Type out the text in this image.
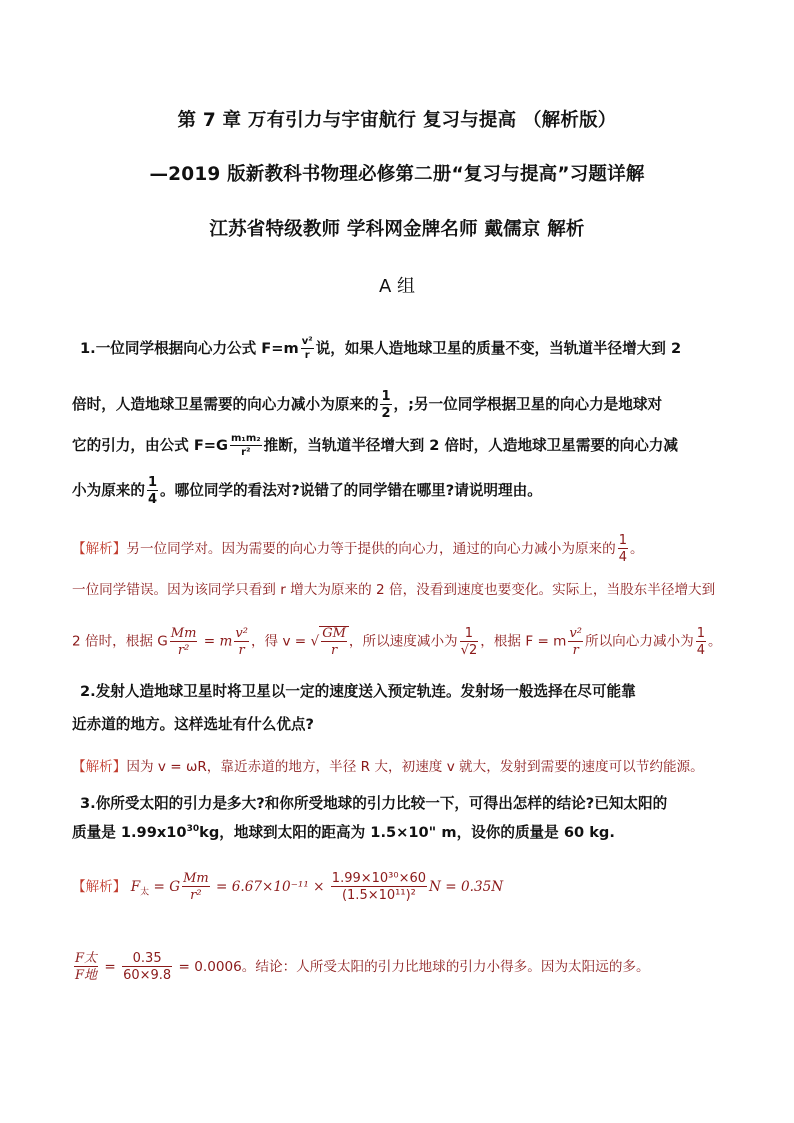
第 7 章 万有引力与宇宙航行 复习与提高 （解析版）
—2019 版新教科书物理必修第二册“复习与提高”习题详解
江苏省特级教师 学科网金牌名师 戴儒京 解析
A 组
1.一位同学根据向心力公式 $F=m \frac{\text{v²}}{r}$ 说，如果人造地球卫星的质量不变，当轨道半径增大到 2
倍时，人造地球卫星需要的向心力减小为原来的 $\frac{1}{2}$ ，;另一位同学根据卫星的向心力是地球对
它的引力，由公式 $F=G \frac{\text{m₁m₂}}{\text{r²}}$ 推断，当轨道半径增大到 2 倍时，人造地球卫星需要的向心力减
小为原来的 $\frac{1}{4}$ 。哪位同学的看法对?说错了的同学错在哪里?请说明理由。
【解析】另一位同学对。因为需要的向心力等于提供的向心力，通过的向心力减小为原来的 $\frac{1}{4}$ 。
一位同学错误。因为该同学只看到 r 增大为原来的 2 倍，没看到速度也要变化。实际上，当股东半径增大到
2 倍时，根据 G $\frac{Mm}{\text{r²}} = m \frac{\text{v²}}{r}$ ，得 v = √ $\frac{GM}{r}$ ，所以速度减小为 $\frac{1}{√2}$ ，根据 F = m $\frac{\text{v²}}{r}$ 所以向心力减小为 $\frac{1}{4}$ 。
2.发射人造地球卫星时将卫星以一定的速度送入预定轨连。发射场一般选择在尽可能靠
近赤道的地方。这样选址有什么优点?
【解析】因为 v = ωR，靠近赤道的地方，半径 R 大，初速度 v 就大，发射到需要的速度可以节约能源。
3.你所受太阳的引力是多大?和你所受地球的引力比较一下，可得出怎样的结论?已知太阳的
质量是 $1.99x10^{30}kg$，地球到太阳的距高为 1.5×10" m，设你的质量是 60 kg.
【解析】 $F_太 = G \frac{Mm}{\text{r²}} = 6.67\times 10^{-11} \times \frac{\text{1.99×10³⁰×60}}{\text{(1.5×10¹¹)²}}$ N = 0.35N
$\frac{\text{F太}}{\text{F地}} = \frac{0.35}{60\times 9.8} = 0.0006$。结论：人所受太阳的引力比地球的引力小得多。因为太阳远的多。
